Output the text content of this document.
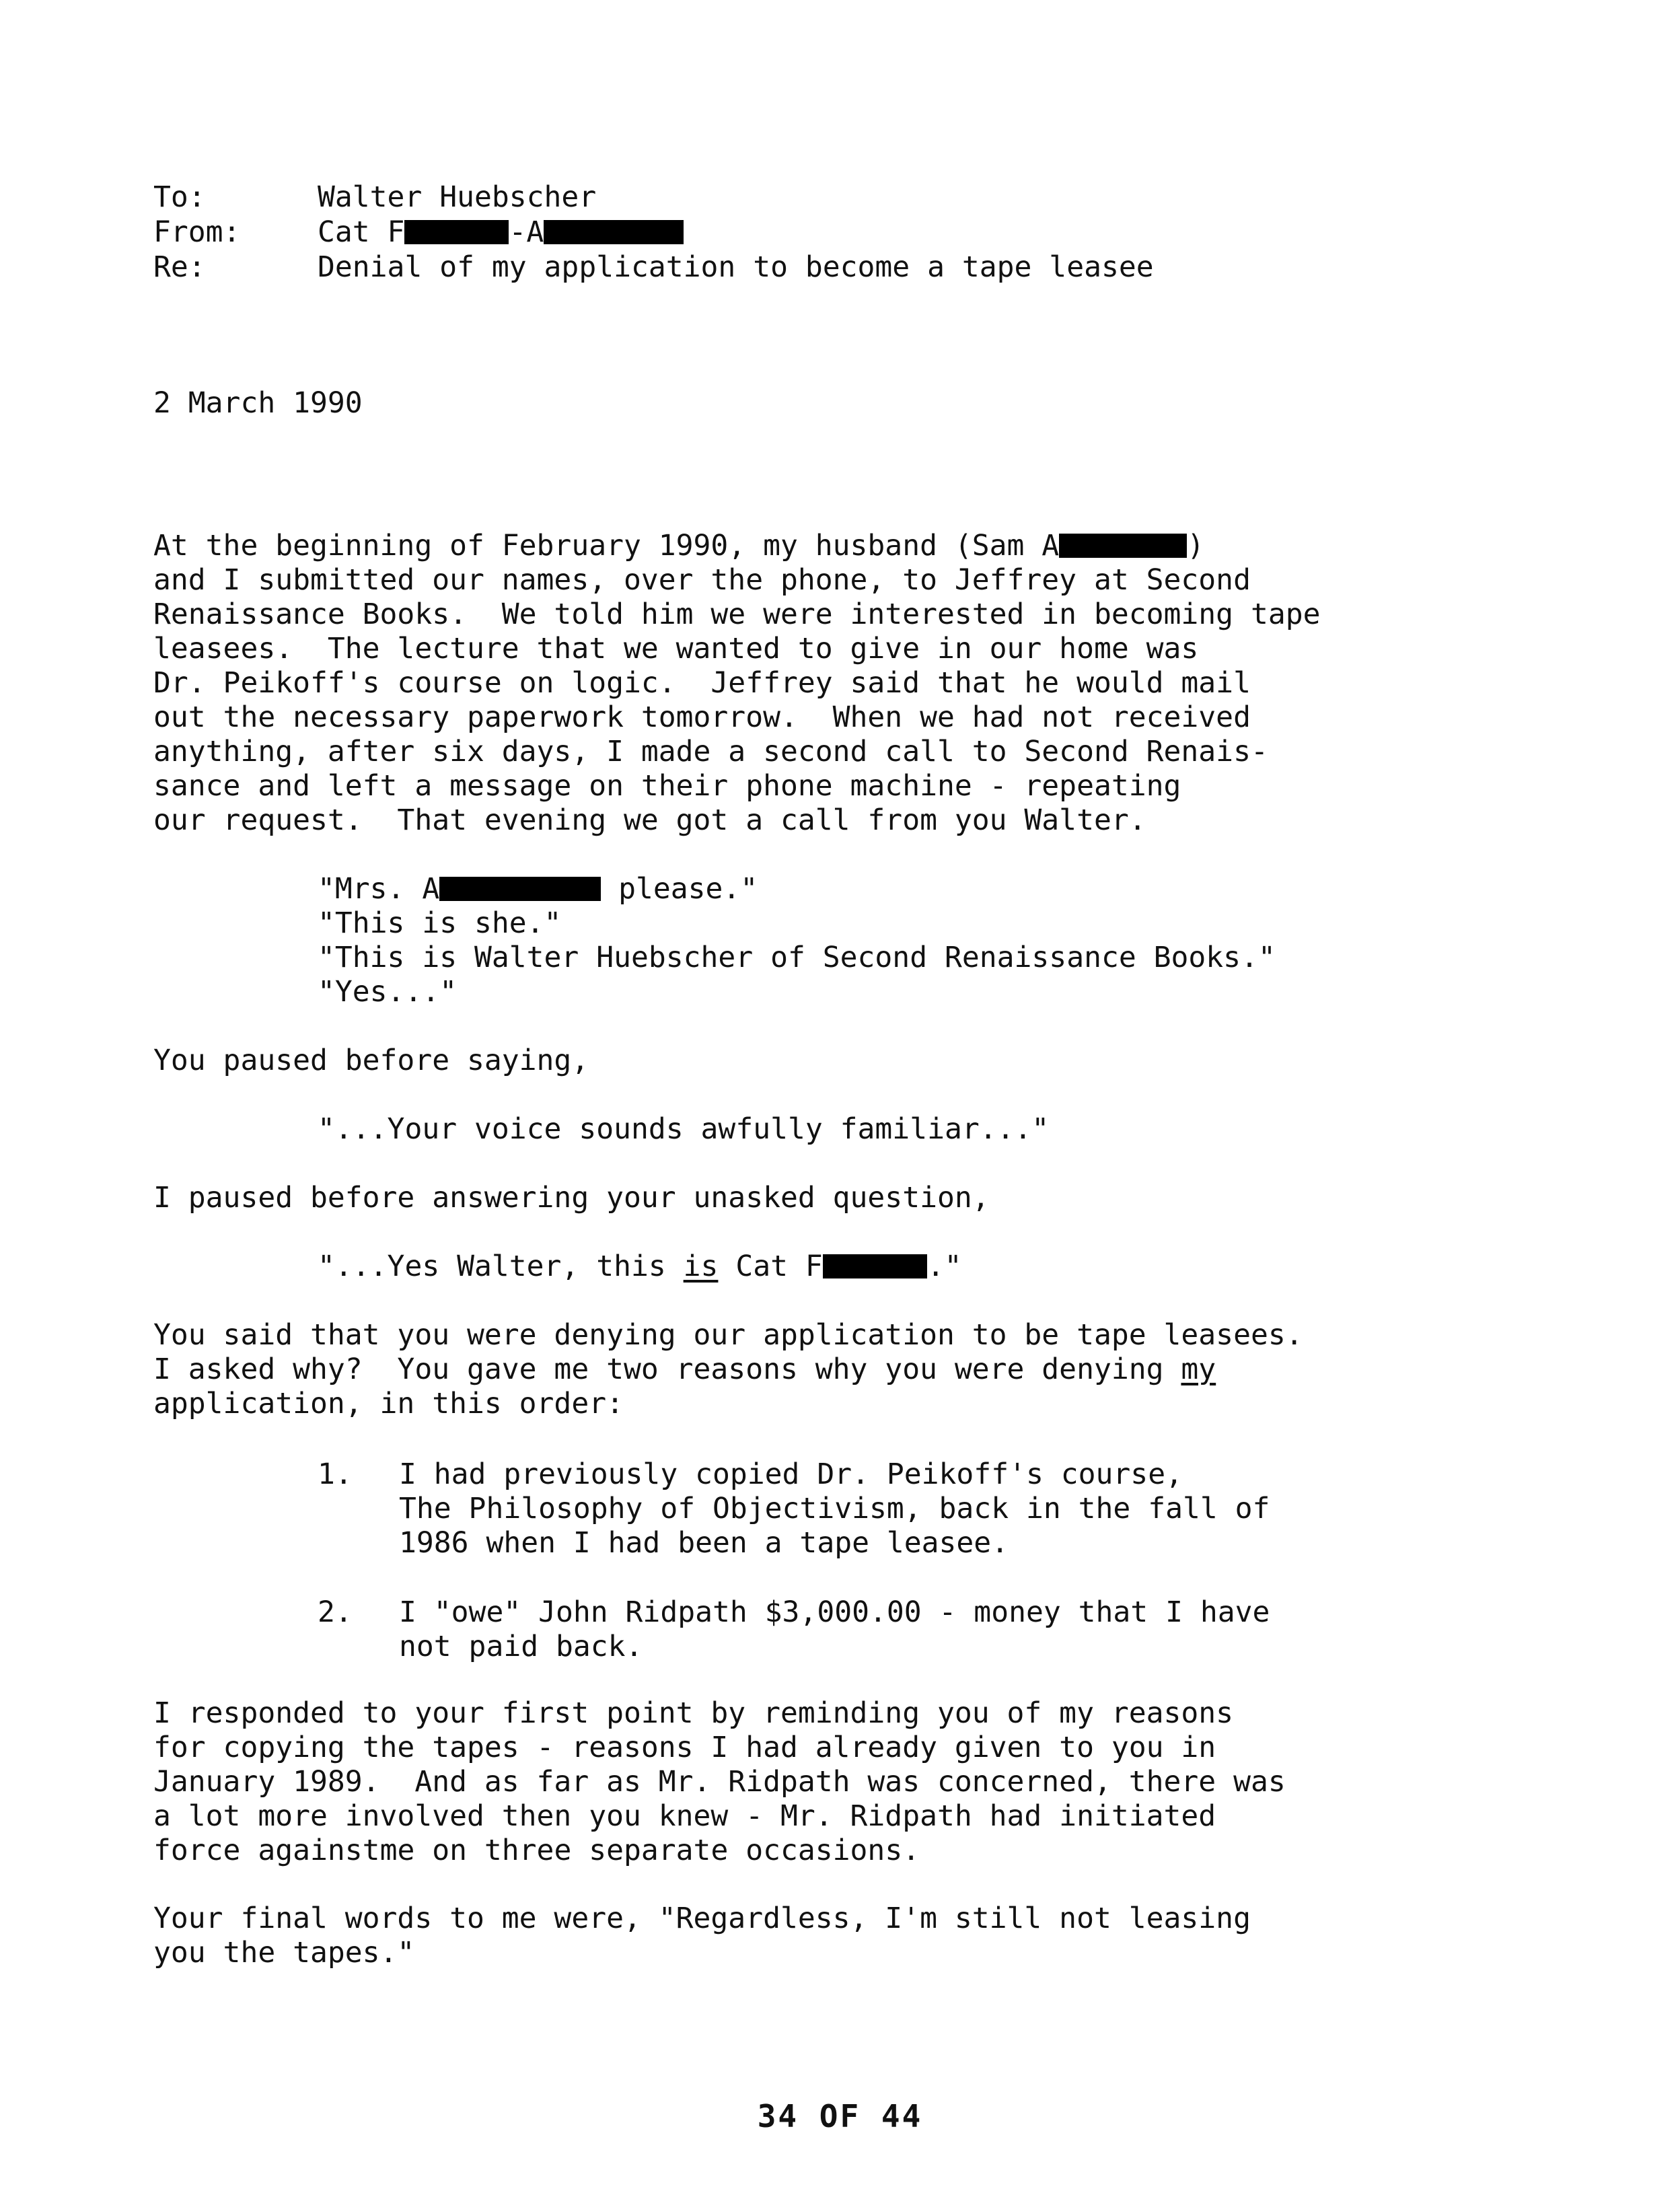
To:	Walter Huebscher
From:	Cat F	-A
Re:	Denial of my application to become a tape leasee
2 March 1990
At the beginning of February 1990, my husband (Sam A	)
and I submitted our names, over the phone, to Jeffrey at Second
Renaissance Books.  We told him we were interested in becoming tape
leasees.  The lecture that we wanted to give in our home was
Dr. Peikoff's course on logic.  Jeffrey said that he would mail
out the necessary paperwork tomorrow.  When we had not received
anything, after six days, I made a second call to Second Renais-
sance and left a message on their phone machine - repeating
our request.  That evening we got a call from you Walter.
"Mrs. A	please."
"This is she."
"This is Walter Huebscher of Second Renaissance Books."
"Yes..."
You paused before saying,
"...Your voice sounds awfully familiar..."
I paused before answering your unasked question,
"...Yes Walter, this is Cat F	."
You said that you were denying our application to be tape leasees.
I asked why?  You gave me two reasons why you were denying my
application, in this order:
1. I had previously copied Dr. Peikoff's course,
The Philosophy of Objectivism, back in the fall of
1986 when I had been a tape leasee.
2. I "owe" John Ridpath $3,000.00 - money that I have
not paid back.
I responded to your first point by reminding you of my reasons
for copying the tapes - reasons I had already given to you in
January 1989.  And as far as Mr. Ridpath was concerned, there was
a lot more involved then you knew - Mr. Ridpath had initiated
force againstme on three separate occasions.
Your final words to me were, "Regardless, I'm still not leasing
you the tapes."
34 OF 44
